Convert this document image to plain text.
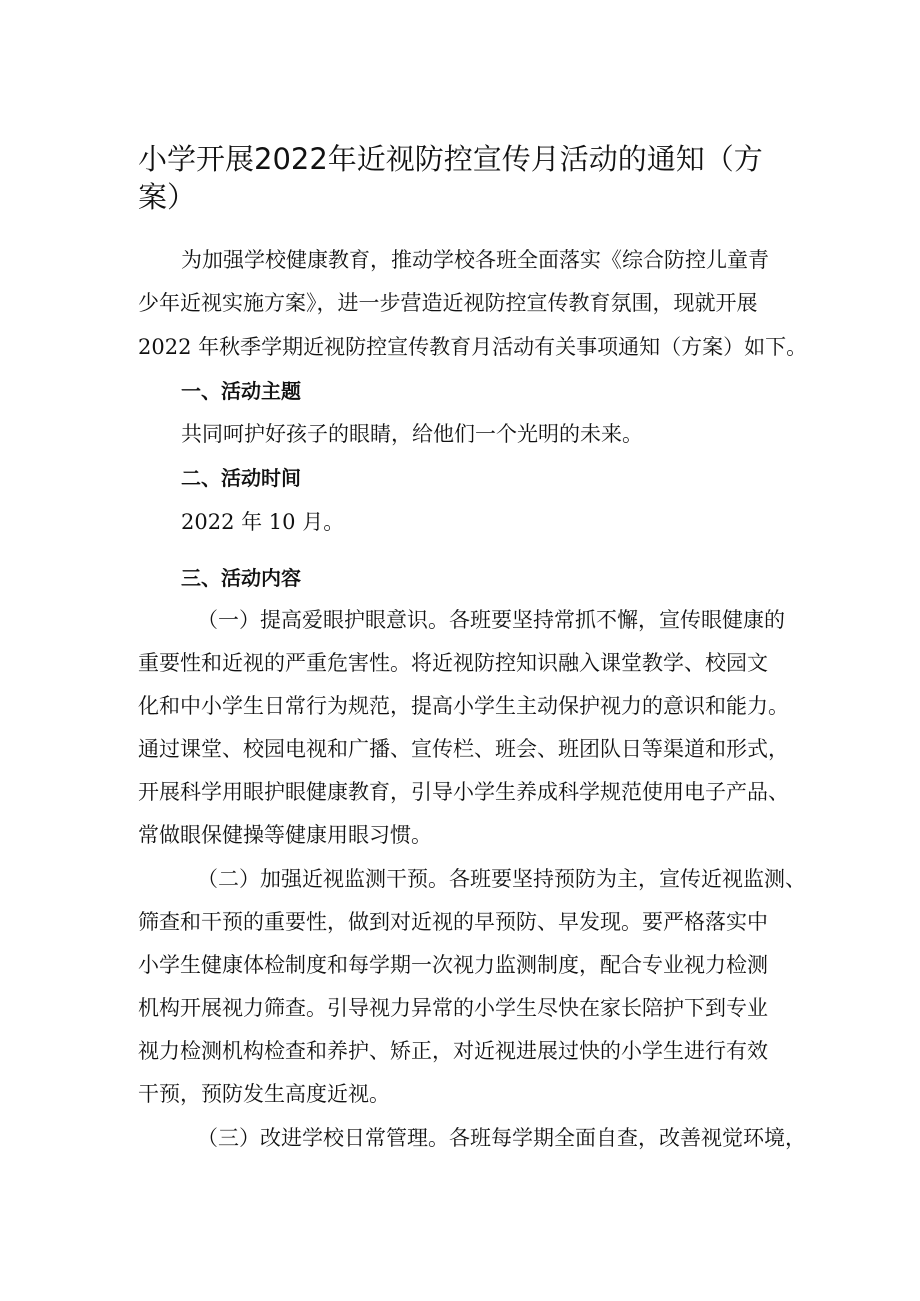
小学开展2022年近视防控宣传月活动的通知（方案）

为加强学校健康教育，推动学校各班全面落实《综合防控儿童青

少年近视实施方案》，进一步营造近视防控宣传教育氛围，现就开展

2022 年秋季学期近视防控宣传教育月活动有关事项通知（方案）如下。

一、活动主题

共同呵护好孩子的眼睛，给他们一个光明的未来。

二、活动时间

2022 年 10 月。

三、活动内容

（一）提高爱眼护眼意识。各班要坚持常抓不懈，宣传眼健康的

重要性和近视的严重危害性。将近视防控知识融入课堂教学、校园文

化和中小学生日常行为规范，提高小学生主动保护视力的意识和能力。

通过课堂、校园电视和广播、宣传栏、班会、班团队日等渠道和形式，

开展科学用眼护眼健康教育，引导小学生养成科学规范使用电子产品、

常做眼保健操等健康用眼习惯。

（二）加强近视监测干预。各班要坚持预防为主，宣传近视监测、

筛查和干预的重要性，做到对近视的早预防、早发现。要严格落实中

小学生健康体检制度和每学期一次视力监测制度，配合专业视力检测

机构开展视力筛查。引导视力异常的小学生尽快在家长陪护下到专业

视力检测机构检查和养护、矫正，对近视进展过快的小学生进行有效

干预，预防发生高度近视。

（三）改进学校日常管理。各班每学期全面自查，改善视觉环境，
